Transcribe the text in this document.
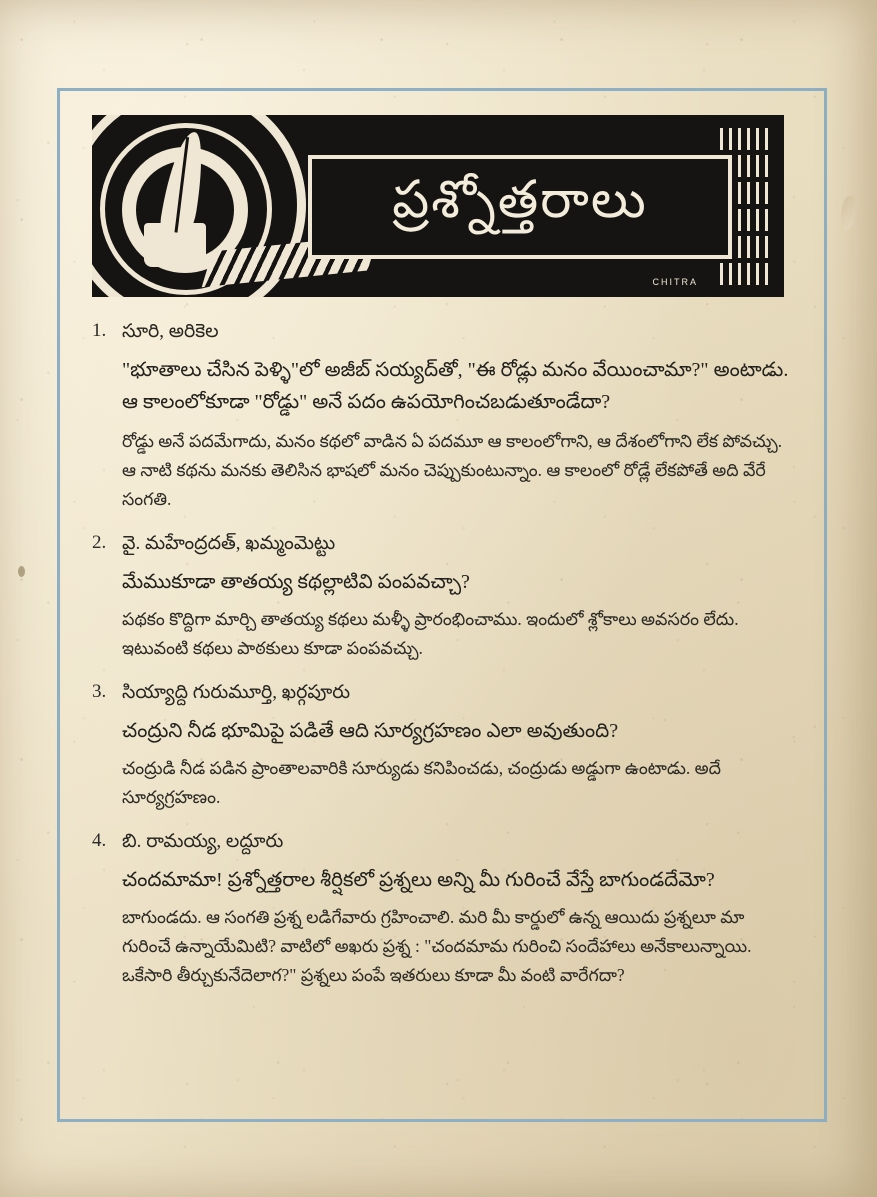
ప్రశ్నోత్తరాలు
CHITRA
1. సూరి, అరికెల
"భూతాలు చేసిన పెళ్ళి"లో అజీబ్ సయ్యద్‌తో, "ఈ రోడ్లు మనం వేయించామా?" అంటాడు. ఆ కాలంలోకూడా "రోడ్డు" అనే పదం ఉపయోగించబడుతూండేదా?
రోడ్డు అనే పదమేగాదు, మనం కథలో వాడిన ఏ పదమూ ఆ కాలంలోగాని, ఆ దేశంలోగాని లేక పోవచ్చు. ఆ నాటి కథను మనకు తెలిసిన భాషలో మనం చెప్పుకుంటున్నాం. ఆ కాలంలో రోడ్లే లేకపోతే అది వేరే సంగతి.
2. వై. మహేంద్రదత్, ఖమ్మంమెట్టు
మేముకూడా తాతయ్య కథల్లాటివి పంపవచ్చా?
పథకం కొద్దిగా మార్చి తాతయ్య కథలు మళ్ళీ ప్రారంభించాము. ఇందులో శ్లోకాలు అవసరం లేదు. ఇటువంటి కథలు పాఠకులు కూడా పంపవచ్చు.
3. సియ్యాద్ది గురుమూర్తి, ఖర్గపూరు
చంద్రుని నీడ భూమిపై పడితే ఆది సూర్యగ్రహణం ఎలా అవుతుంది?
చంద్రుడి నీడ పడిన ప్రాంతాలవారికి సూర్యుడు కనిపించడు, చంద్రుడు అడ్డుగా ఉంటాడు. అదే సూర్యగ్రహణం.
4. బి. రామయ్య, లద్దూరు
చందమామా! ప్రశ్నోత్తరాల శీర్షికలో ప్రశ్నలు అన్ని మీ గురించే వేస్తే బాగుండదేమో?
బాగుండదు. ఆ సంగతి ప్రశ్న లడిగేవారు గ్రహించాలి. మరి మీ కార్డులో ఉన్న ఆయిదు ప్రశ్నలూ మా గురించే ఉన్నాయేమిటి? వాటిలో అఖరు ప్రశ్న : "చందమామ గురించి సందేహాలు అనేకాలున్నాయి. ఒకేసారి తీర్చుకునేదెలాగ?" ప్రశ్నలు పంపే ఇతరులు కూడా మీ వంటి వారేగదా?
